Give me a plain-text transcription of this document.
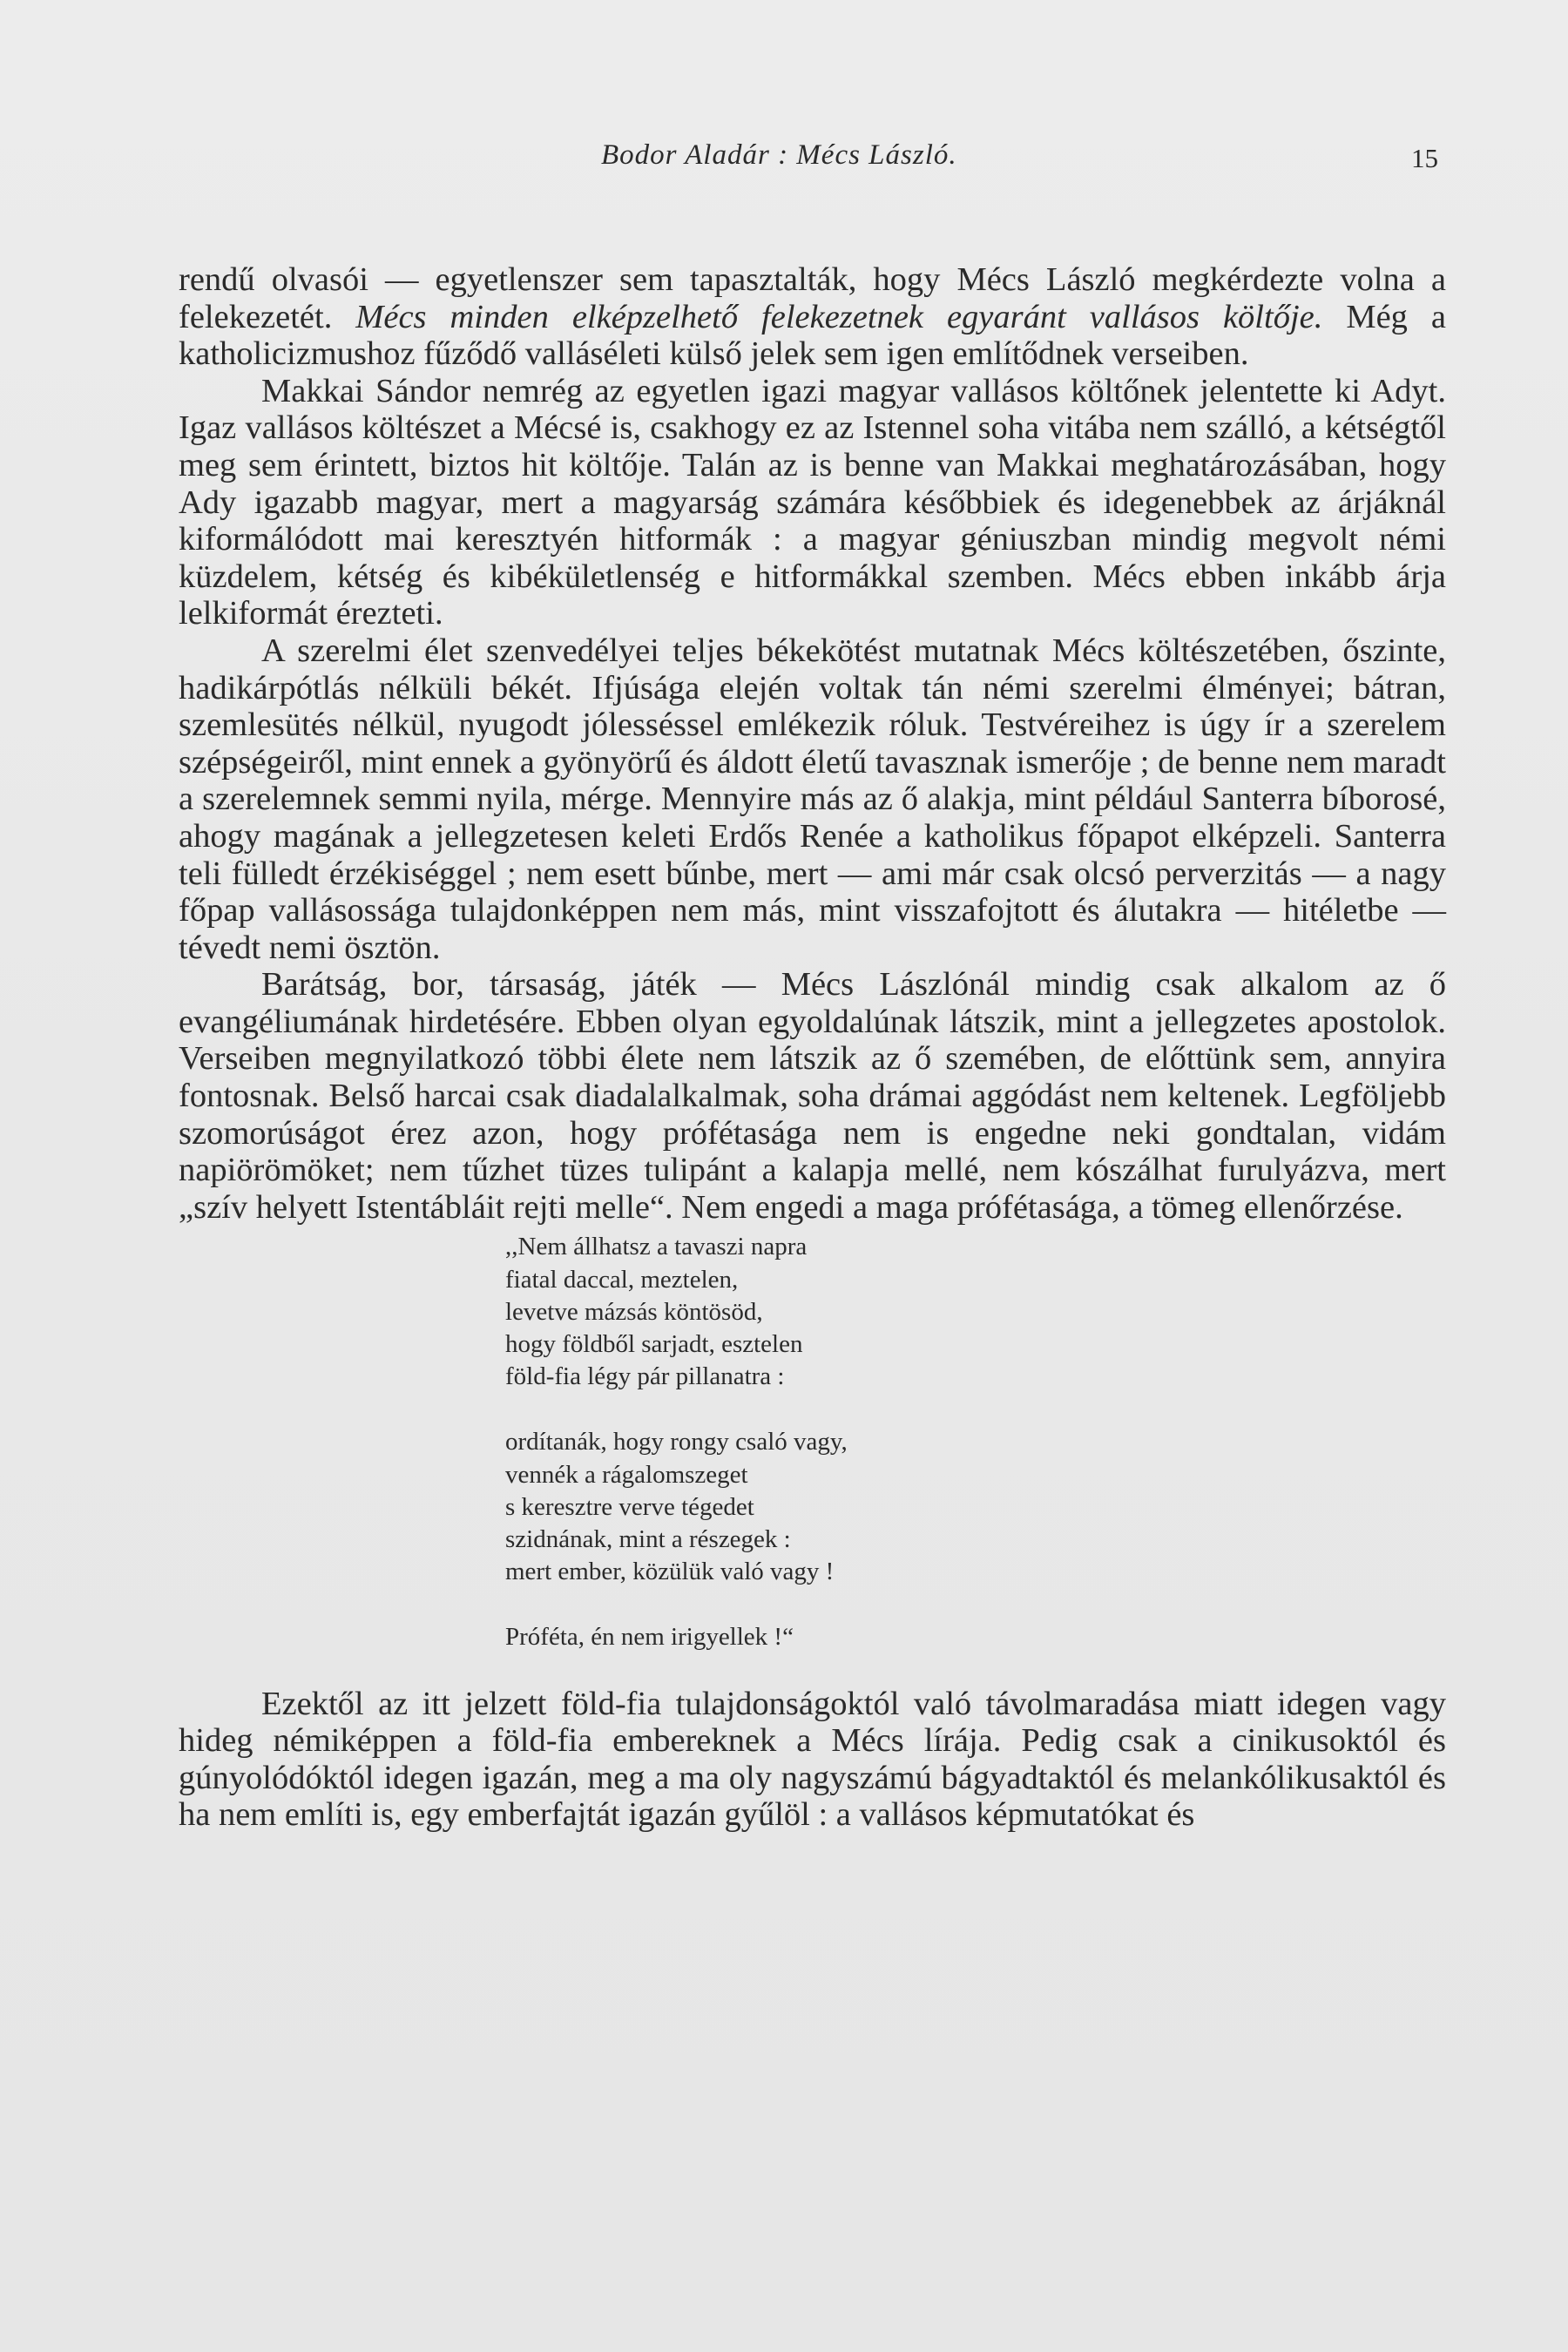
Bodor Aladár : Mécs László.	15

rendű olvasói — egyetlenszer sem tapasztalták, hogy Mécs László megkérdezte volna a felekezetét. Mécs minden elképzelhető felekezetnek egyaránt vallásos költője. Még a katholicizmushoz fűződő valláséleti külső jelek sem igen említődnek verseiben.

Makkai Sándor nemrég az egyetlen igazi magyar vallásos költőnek jelentette ki Adyt. Igaz vallásos költészet a Mécsé is, csakhogy ez az Istennel soha vitába nem szálló, a kétségtől meg sem érintett, biztos hit költője. Talán az is benne van Makkai meghatározásában, hogy Ady igazabb magyar, mert a magyarság számára későbbiek és idegenebbek az árjáknál kiformálódott mai keresztyén hitformák : a magyar géniuszban mindig megvolt némi küzdelem, kétség és kibékületlenség e hitformákkal szemben. Mécs ebben inkább árja lelkiformát érezteti.

A szerelmi élet szenvedélyei teljes békekötést mutatnak Mécs költészetében, őszinte, hadikárpótlás nélküli békét. Ifjúsága elején voltak tán némi szerelmi élményei; bátran, szemlesütés nélkül, nyugodt jólesséssel emlékezik róluk. Testvéreihez is úgy ír a szerelem szépségeiről, mint ennek a gyönyörű és áldott életű tavasznak ismerője ; de benne nem maradt a szerelemnek semmi nyila, mérge. Mennyire más az ő alakja, mint például Santerra bíborosé, ahogy magának a jellegzetesen keleti Erdős Renée a katholikus főpapot elképzeli. Santerra teli fülledt érzékiséggel ; nem esett bűnbe, mert — ami már csak olcsó perverzitás — a nagy főpap vallásossága tulajdonképpen nem más, mint visszafojtott és álutakra — hitéletbe — tévedt nemi ösztön.

Barátság, bor, társaság, játék — Mécs Lászlónál mindig csak alkalom az ő evangéliumának hirdetésére. Ebben olyan egyoldalúnak látszik, mint a jellegzetes apostolok. Verseiben megnyilatkozó többi élete nem látszik az ő szemében, de előttünk sem, annyira fontosnak. Belső harcai csak diadalalkalmak, soha drámai aggódást nem keltenek. Legföljebb szomorúságot érez azon, hogy prófétasága nem is engedne neki gondtalan, vidám napiörömöket; nem tűzhet tüzes tulipánt a kalapja mellé, nem kószálhat furulyázva, mert „szív helyett Istentábláit rejti melle“. Nem engedi a maga prófétasága, a tömeg ellenőrzése.

,,Nem állhatsz a tavaszi napra
fiatal daccal, meztelen,
levetve mázsás köntösöd,
hogy földből sarjadt, esztelen
föld-fia légy pár pillanatra :
ordítanák, hogy rongy csaló vagy,
vennék a rágalomszeget
s keresztre verve tégedet
szidnának, mint a részegek :
mert ember, közülük való vagy !
Próféta, én nem irigyellek !“

Ezektől az itt jelzett föld-fia tulajdonságoktól való távolmaradása miatt idegen vagy hideg némiképpen a föld-fia embereknek a Mécs lírája. Pedig csak a cinikusoktól és gúnyolódóktól idegen igazán, meg a ma oly nagyszámú bágyadtaktól és melankólikusaktól és ha nem említi is, egy emberfajtát igazán gyűlöl : a vallásos képmutatókat és
